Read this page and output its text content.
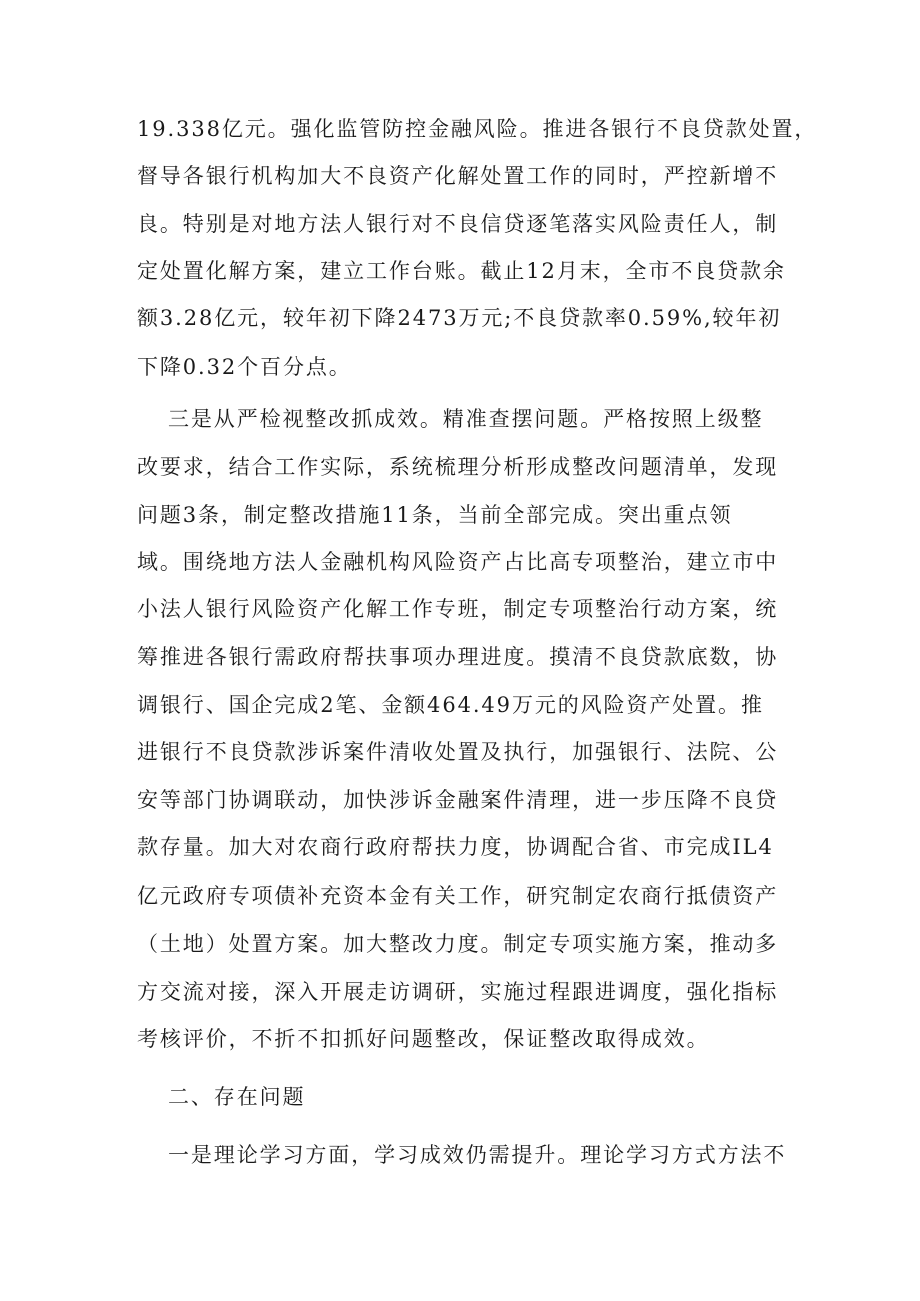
19.338亿元。强化监管防控金融风险。推进各银行不良贷款处置，
督导各银行机构加大不良资产化解处置工作的同时，严控新增不
良。特别是对地方法人银行对不良信贷逐笔落实风险责任人，制
定处置化解方案，建立工作台账。截止12月末，全市不良贷款余
额3.28亿元，较年初下降2473万元;不良贷款率0.59%,较年初
下降0.32个百分点。
三是从严检视整改抓成效。精准查摆问题。严格按照上级整
改要求，结合工作实际，系统梳理分析形成整改问题清单，发现
问题3条，制定整改措施11条，当前全部完成。突出重点领
域。围绕地方法人金融机构风险资产占比高专项整治，建立市中
小法人银行风险资产化解工作专班，制定专项整治行动方案，统
筹推进各银行需政府帮扶事项办理进度。摸清不良贷款底数，协
调银行、国企完成2笔、金额464.49万元的风险资产处置。推
进银行不良贷款涉诉案件清收处置及执行，加强银行、法院、公
安等部门协调联动，加快涉诉金融案件清理，进一步压降不良贷
款存量。加大对农商行政府帮扶力度，协调配合省、市完成IL4
亿元政府专项债补充资本金有关工作，研究制定农商行抵债资产
（土地）处置方案。加大整改力度。制定专项实施方案，推动多
方交流对接，深入开展走访调研，实施过程跟进调度，强化指标
考核评价，不折不扣抓好问题整改，保证整改取得成效。
二、存在问题
一是理论学习方面，学习成效仍需提升。理论学习方式方法不
